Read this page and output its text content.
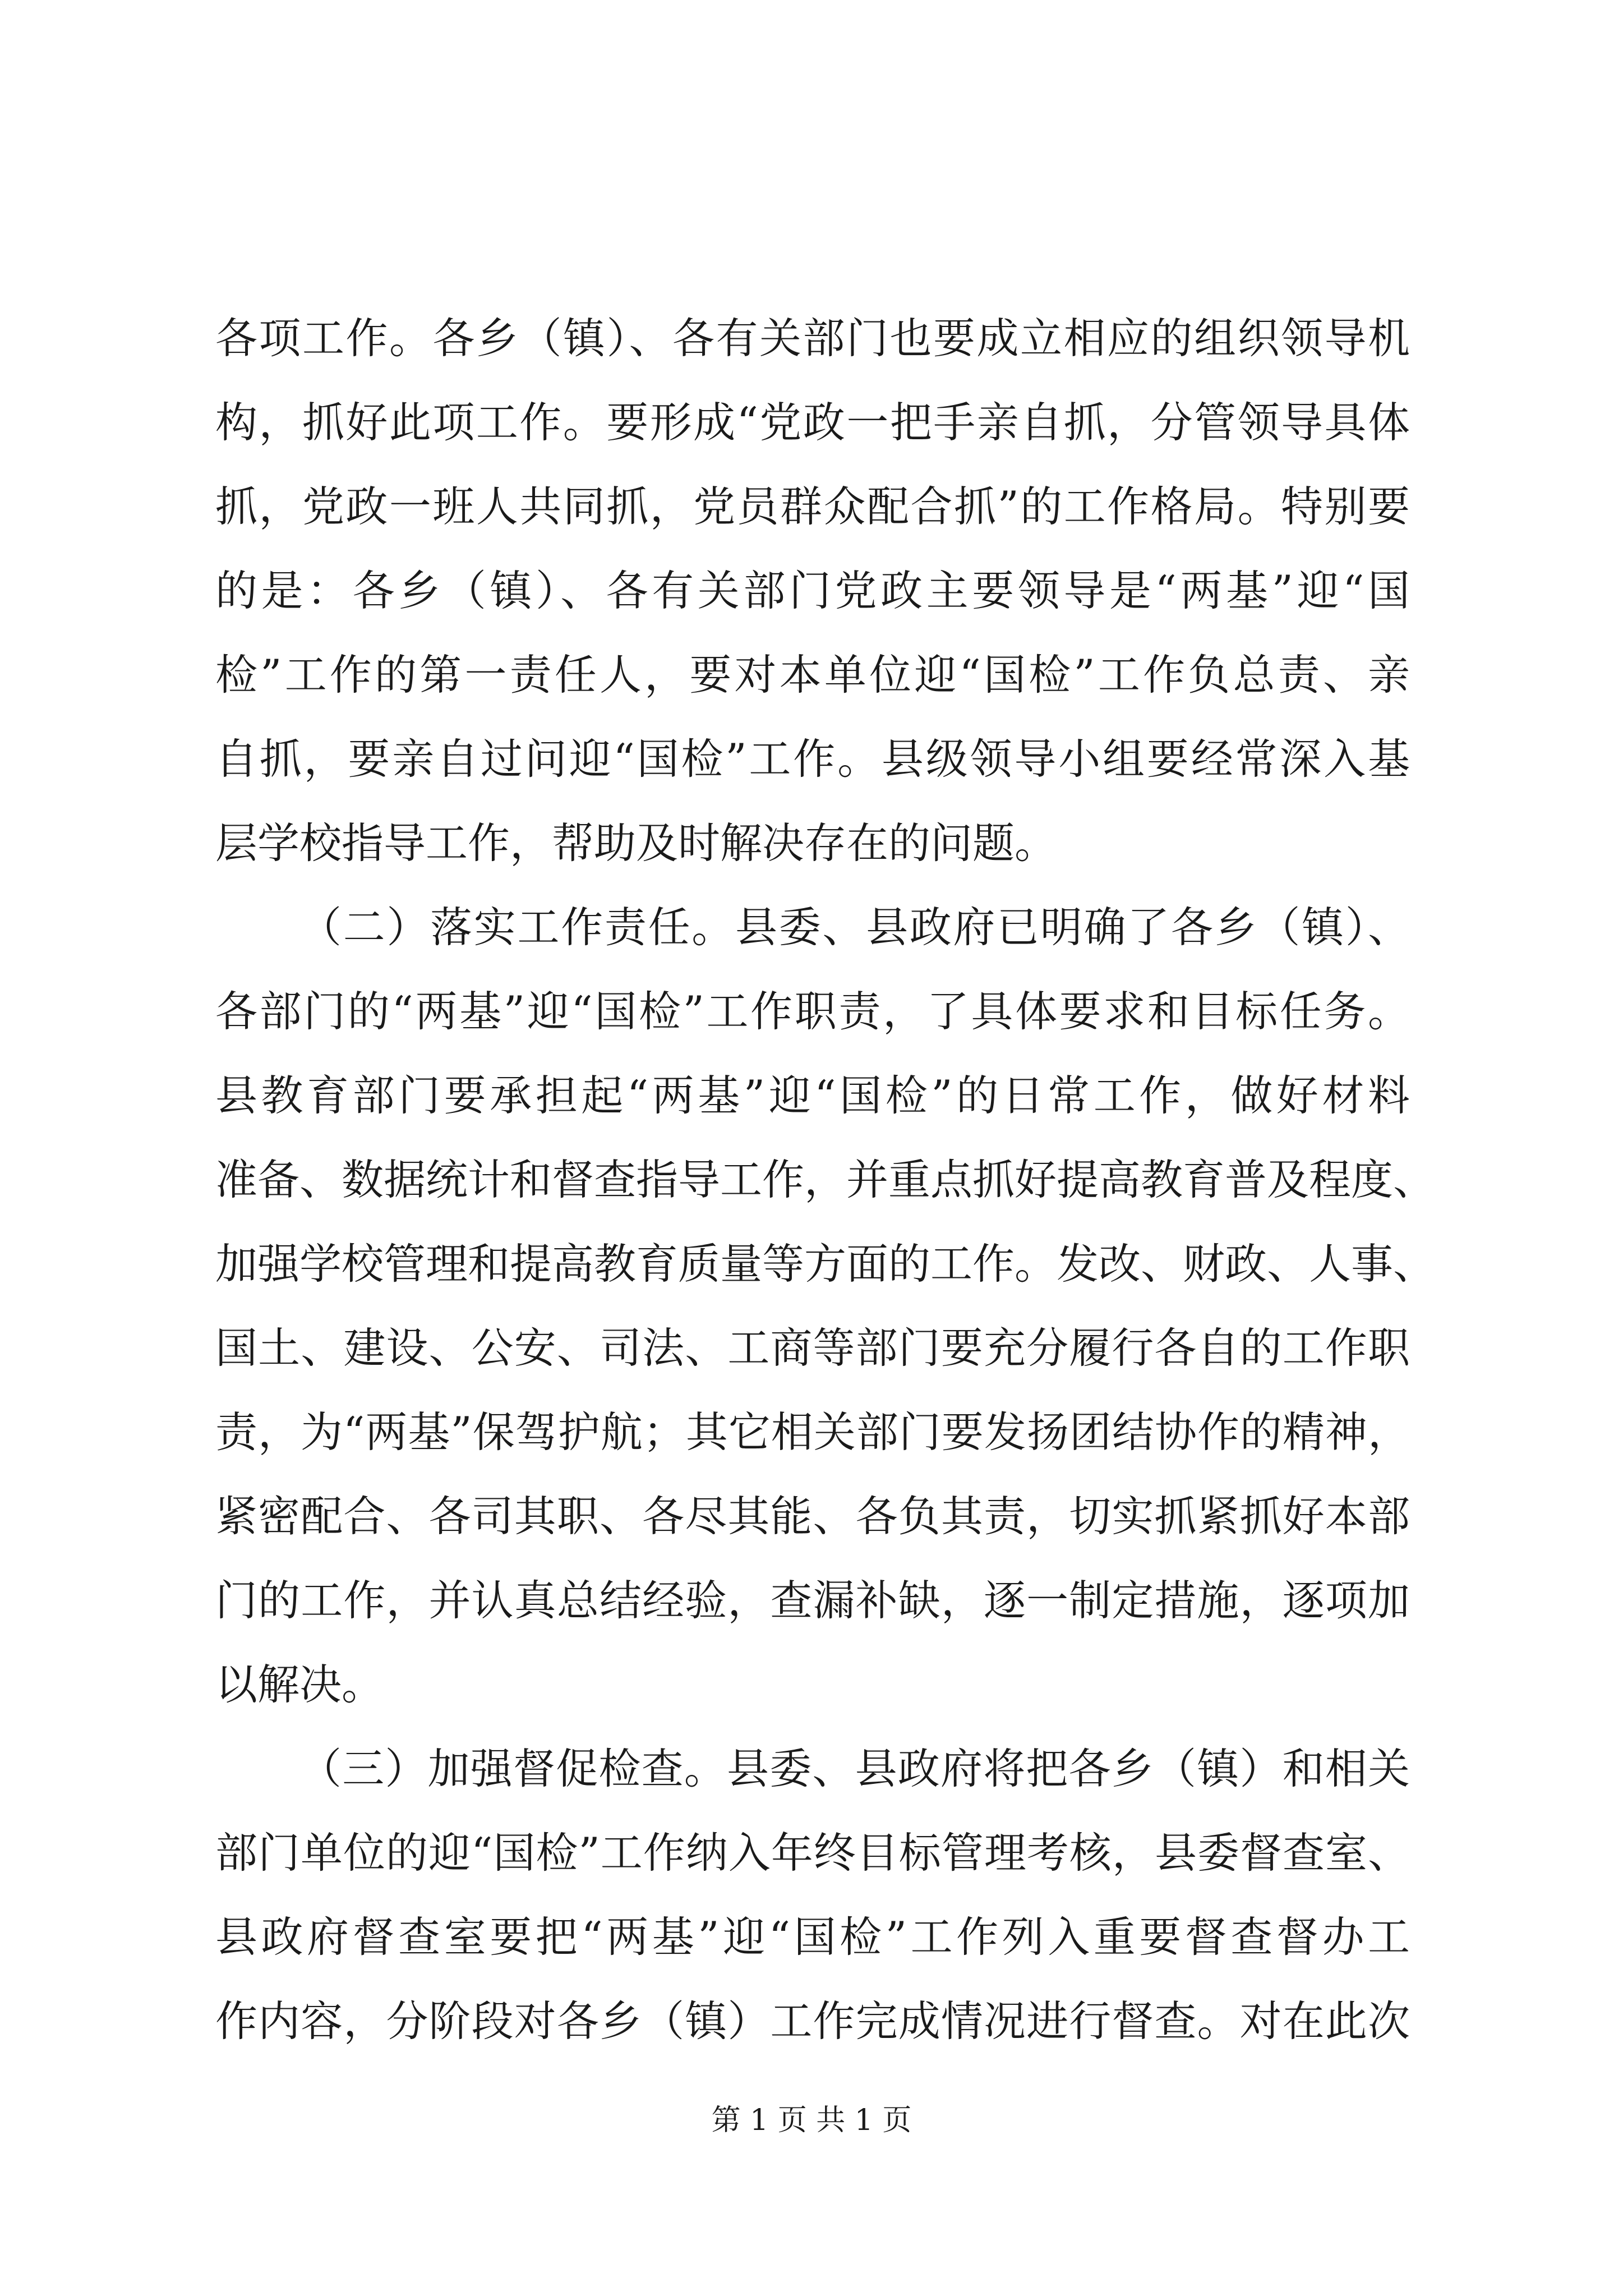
各项工作。各乡（镇）、各有关部门也要成立相应的组织领导机
构，抓好此项工作。要形成“党政一把手亲自抓，分管领导具体
抓，党政一班人共同抓，党员群众配合抓”的工作格局。特别要
的是：各乡（镇）、各有关部门党政主要领导是“两基”迎“国
检”工作的第一责任人，要对本单位迎“国检”工作负总责、亲
自抓，要亲自过问迎“国检”工作。县级领导小组要经常深入基
层学校指导工作，帮助及时解决存在的问题。
（二）落实工作责任。县委、县政府已明确了各乡（镇）、
各部门的“两基”迎“国检”工作职责，了具体要求和目标任务。
县教育部门要承担起“两基”迎“国检”的日常工作，做好材料
准备、数据统计和督查指导工作，并重点抓好提高教育普及程度、
加强学校管理和提高教育质量等方面的工作。发改、财政、人事、
国土、建设、公安、司法、工商等部门要充分履行各自的工作职
责，为“两基”保驾护航；其它相关部门要发扬团结协作的精神，
紧密配合、各司其职、各尽其能、各负其责，切实抓紧抓好本部
门的工作，并认真总结经验，查漏补缺，逐一制定措施，逐项加
以解决。
（三）加强督促检查。县委、县政府将把各乡（镇）和相关
部门单位的迎“国检”工作纳入年终目标管理考核，县委督查室、
县政府督查室要把“两基”迎“国检”工作列入重要督查督办工
作内容，分阶段对各乡（镇）工作完成情况进行督查。对在此次
第 1 页 共 1 页
